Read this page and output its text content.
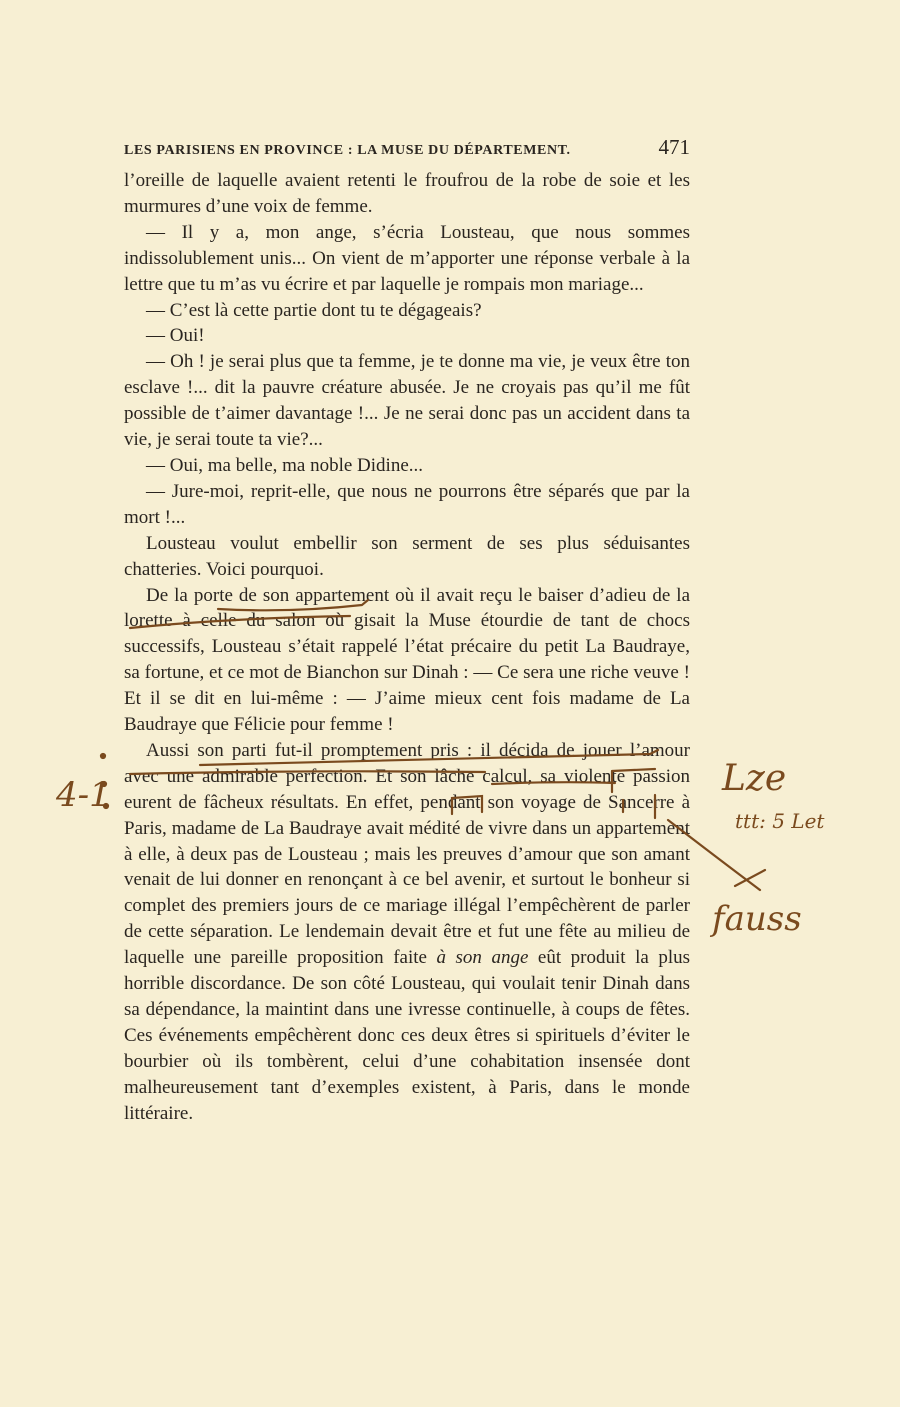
LES PARISIENS EN PROVINCE : LA MUSE DU DÉPARTEMENT.	471

l’oreille de laquelle avaient retenti le froufrou de la robe de soie et les murmures d’une voix de femme.

— Il y a, mon ange, s’écria Lousteau, que nous sommes indissolublement unis... On vient de m’apporter une réponse verbale à la lettre que tu m’as vu écrire et par laquelle je rompais mon mariage...

— C’est là cette partie dont tu te dégageais?

— Oui!

— Oh ! je serai plus que ta femme, je te donne ma vie, je veux être ton esclave !... dit la pauvre créature abusée. Je ne croyais pas qu’il me fût possible de t’aimer davantage !... Je ne serai donc pas un accident dans ta vie, je serai toute ta vie?...

— Oui, ma belle, ma noble Didine...

— Jure-moi, reprit-elle, que nous ne pourrons être séparés que par la mort !...

Lousteau voulut embellir son serment de ses plus séduisantes chatteries. Voici pourquoi.

De la porte de son appartement où il avait reçu le baiser d’adieu de la lorette à celle du salon où gisait la Muse étourdie de tant de chocs successifs, Lousteau s’était rappelé l’état précaire du petit La Baudraye, sa fortune, et ce mot de Bianchon sur Dinah : — Ce sera une riche veuve ! Et il se dit en lui-même : — J’aime mieux cent fois madame de La Baudraye que Félicie pour femme !

Aussi son parti fut-il promptement pris : il décida de jouer l’amour avec une admirable perfection. Et son lâche calcul, sa violente passion eurent de fâcheux résultats. En effet, pendant son voyage de Sancerre à Paris, madame de La Baudraye avait médité de vivre dans un appartement à elle, à deux pas de Lousteau ; mais les preuves d’amour que son amant venait de lui donner en renonçant à ce bel avenir, et surtout le bonheur si complet des premiers jours de ce mariage illégal l’empêchèrent de parler de cette séparation. Le lendemain devait être et fut une fête au milieu de laquelle une pareille proposition faite à son ange eût produit la plus horrible discordance. De son côté Lousteau, qui voulait tenir Dinah dans sa dépendance, la maintint dans une ivresse continuelle, à coups de fêtes. Ces événements empêchèrent donc ces deux êtres si spirituels d’éviter le bourbier où ils tombèrent, celui d’une cohabitation insensée dont malheureusement tant d’exemples existent, à Paris, dans le monde littéraire.

4-1	Lze
ttt: 5 Let
fauss
